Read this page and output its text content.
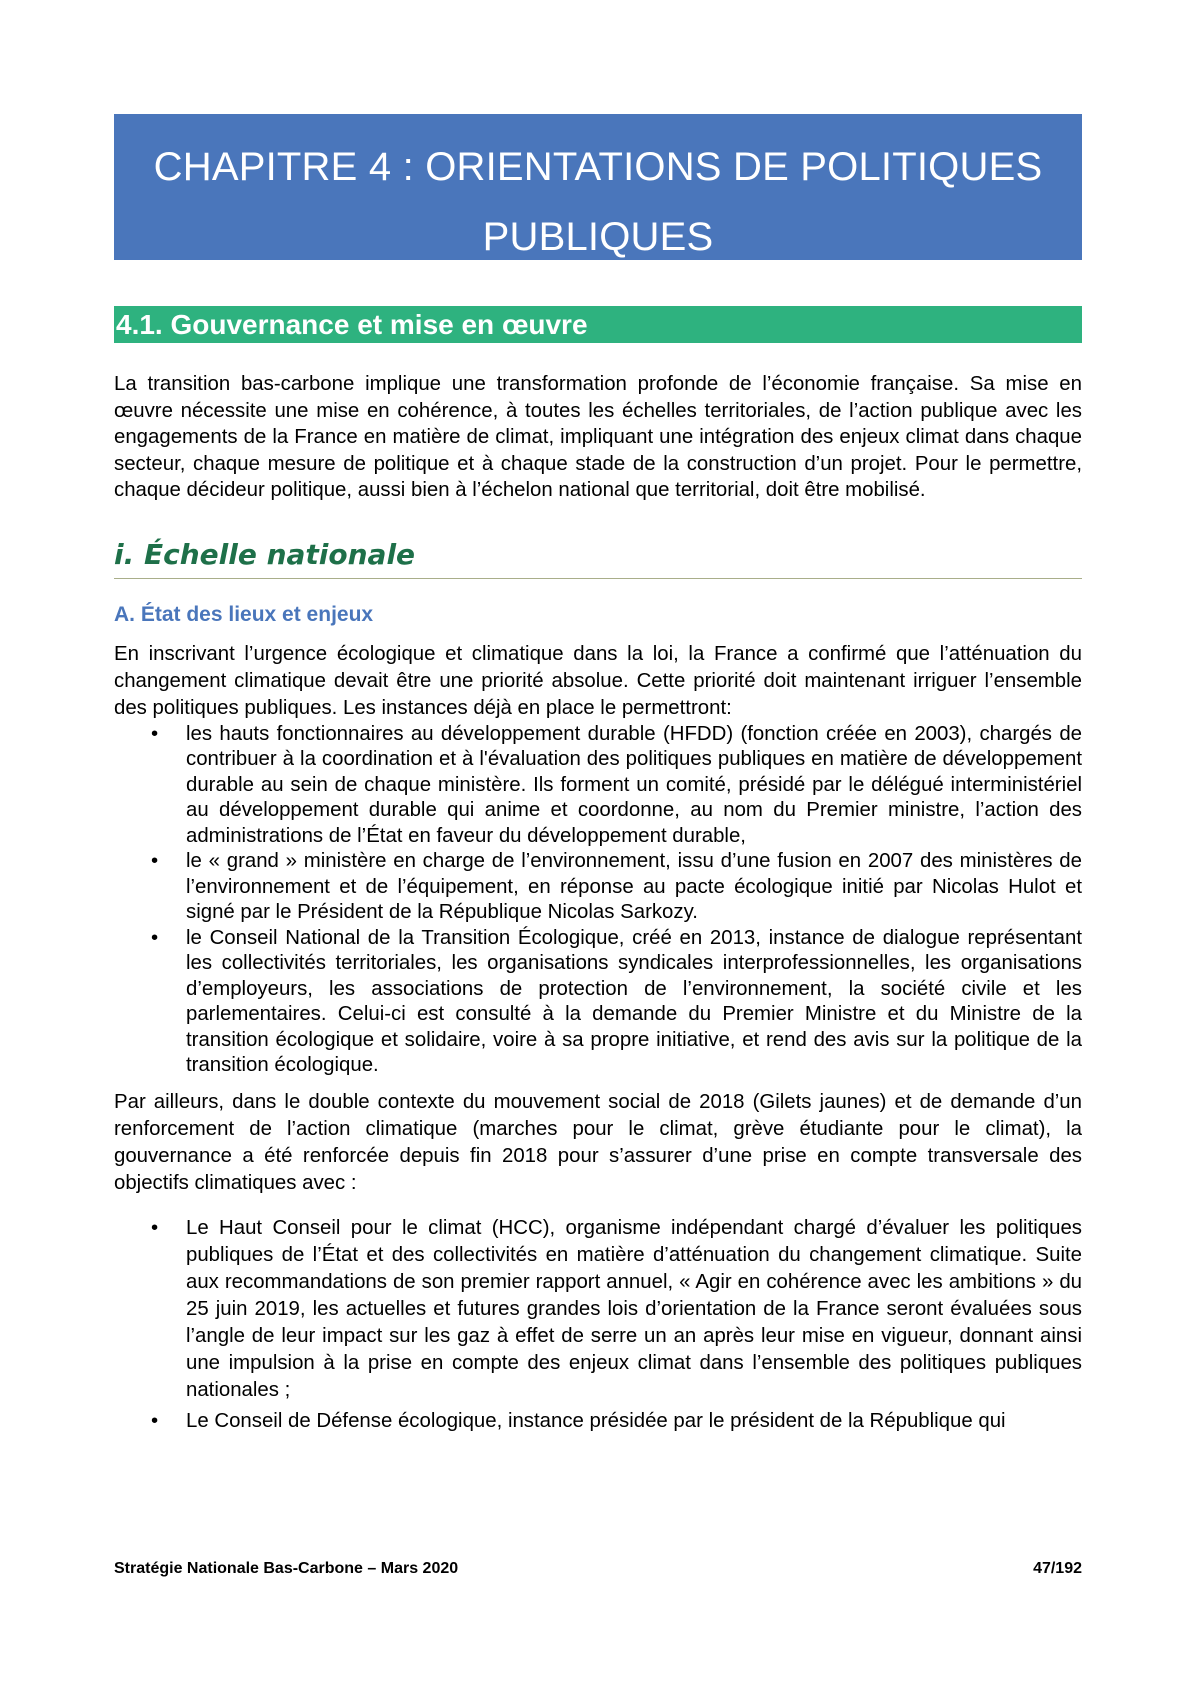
CHAPITRE 4 : ORIENTATIONS DE POLITIQUES PUBLIQUES
4.1. Gouvernance et mise en œuvre

La transition bas-carbone implique une transformation profonde de l’économie française. Sa mise en œuvre nécessite une mise en cohérence, à toutes les échelles territoriales, de l’action publique avec les engagements de la France en matière de climat, impliquant une intégration des enjeux climat dans chaque secteur, chaque mesure de politique et à chaque stade de la construction d’un projet. Pour le permettre, chaque décideur politique, aussi bien à l’échelon national que territorial, doit être mobilisé.

i. Échelle nationale
A. État des lieux et enjeux

En inscrivant l’urgence écologique et climatique dans la loi, la France a confirmé que l’atténuation du changement climatique devait être une priorité absolue. Cette priorité doit maintenant irriguer l’ensemble des politiques publiques. Les instances déjà en place le permettront:

• les hauts fonctionnaires au développement durable (HFDD) (fonction créée en 2003), chargés de contribuer à la coordination et à l'évaluation des politiques publiques en matière de développement durable au sein de chaque ministère. Ils forment un comité, présidé par le délégué interministériel au développement durable qui anime et coordonne, au nom du Premier ministre, l’action des administrations de l’État en faveur du développement durable,
• le « grand » ministère en charge de l’environnement, issu d’une fusion en 2007 des ministères de l’environnement et de l’équipement, en réponse au pacte écologique initié par Nicolas Hulot et signé par le Président de la République Nicolas Sarkozy.
• le Conseil National de la Transition Écologique, créé en 2013, instance de dialogue représentant les collectivités territoriales, les organisations syndicales interprofessionnelles, les organisations d’employeurs, les associations de protection de l’environnement, la société civile et les parlementaires. Celui-ci est consulté à la demande du Premier Ministre et du Ministre de la transition écologique et solidaire, voire à sa propre initiative, et rend des avis sur la politique de la transition écologique.

Par ailleurs, dans le double contexte du mouvement social de 2018 (Gilets jaunes) et de demande d’un renforcement de l’action climatique (marches pour le climat, grève étudiante pour le climat), la gouvernance a été renforcée depuis fin 2018 pour s’assurer d’une prise en compte transversale des objectifs climatiques avec :

• Le Haut Conseil pour le climat (HCC), organisme indépendant chargé d’évaluer les politiques publiques de l’État et des collectivités en matière d’atténuation du changement climatique. Suite aux recommandations de son premier rapport annuel, « Agir en cohérence avec les ambitions » du 25 juin 2019, les actuelles et futures grandes lois d’orientation de la France seront évaluées sous l’angle de leur impact sur les gaz à effet de serre un an après leur mise en vigueur, donnant ainsi une impulsion à la prise en compte des enjeux climat dans l’ensemble des politiques publiques nationales ;
• Le Conseil de Défense écologique, instance présidée par le président de la République qui
Stratégie Nationale Bas-Carbone – Mars 2020	47/192
